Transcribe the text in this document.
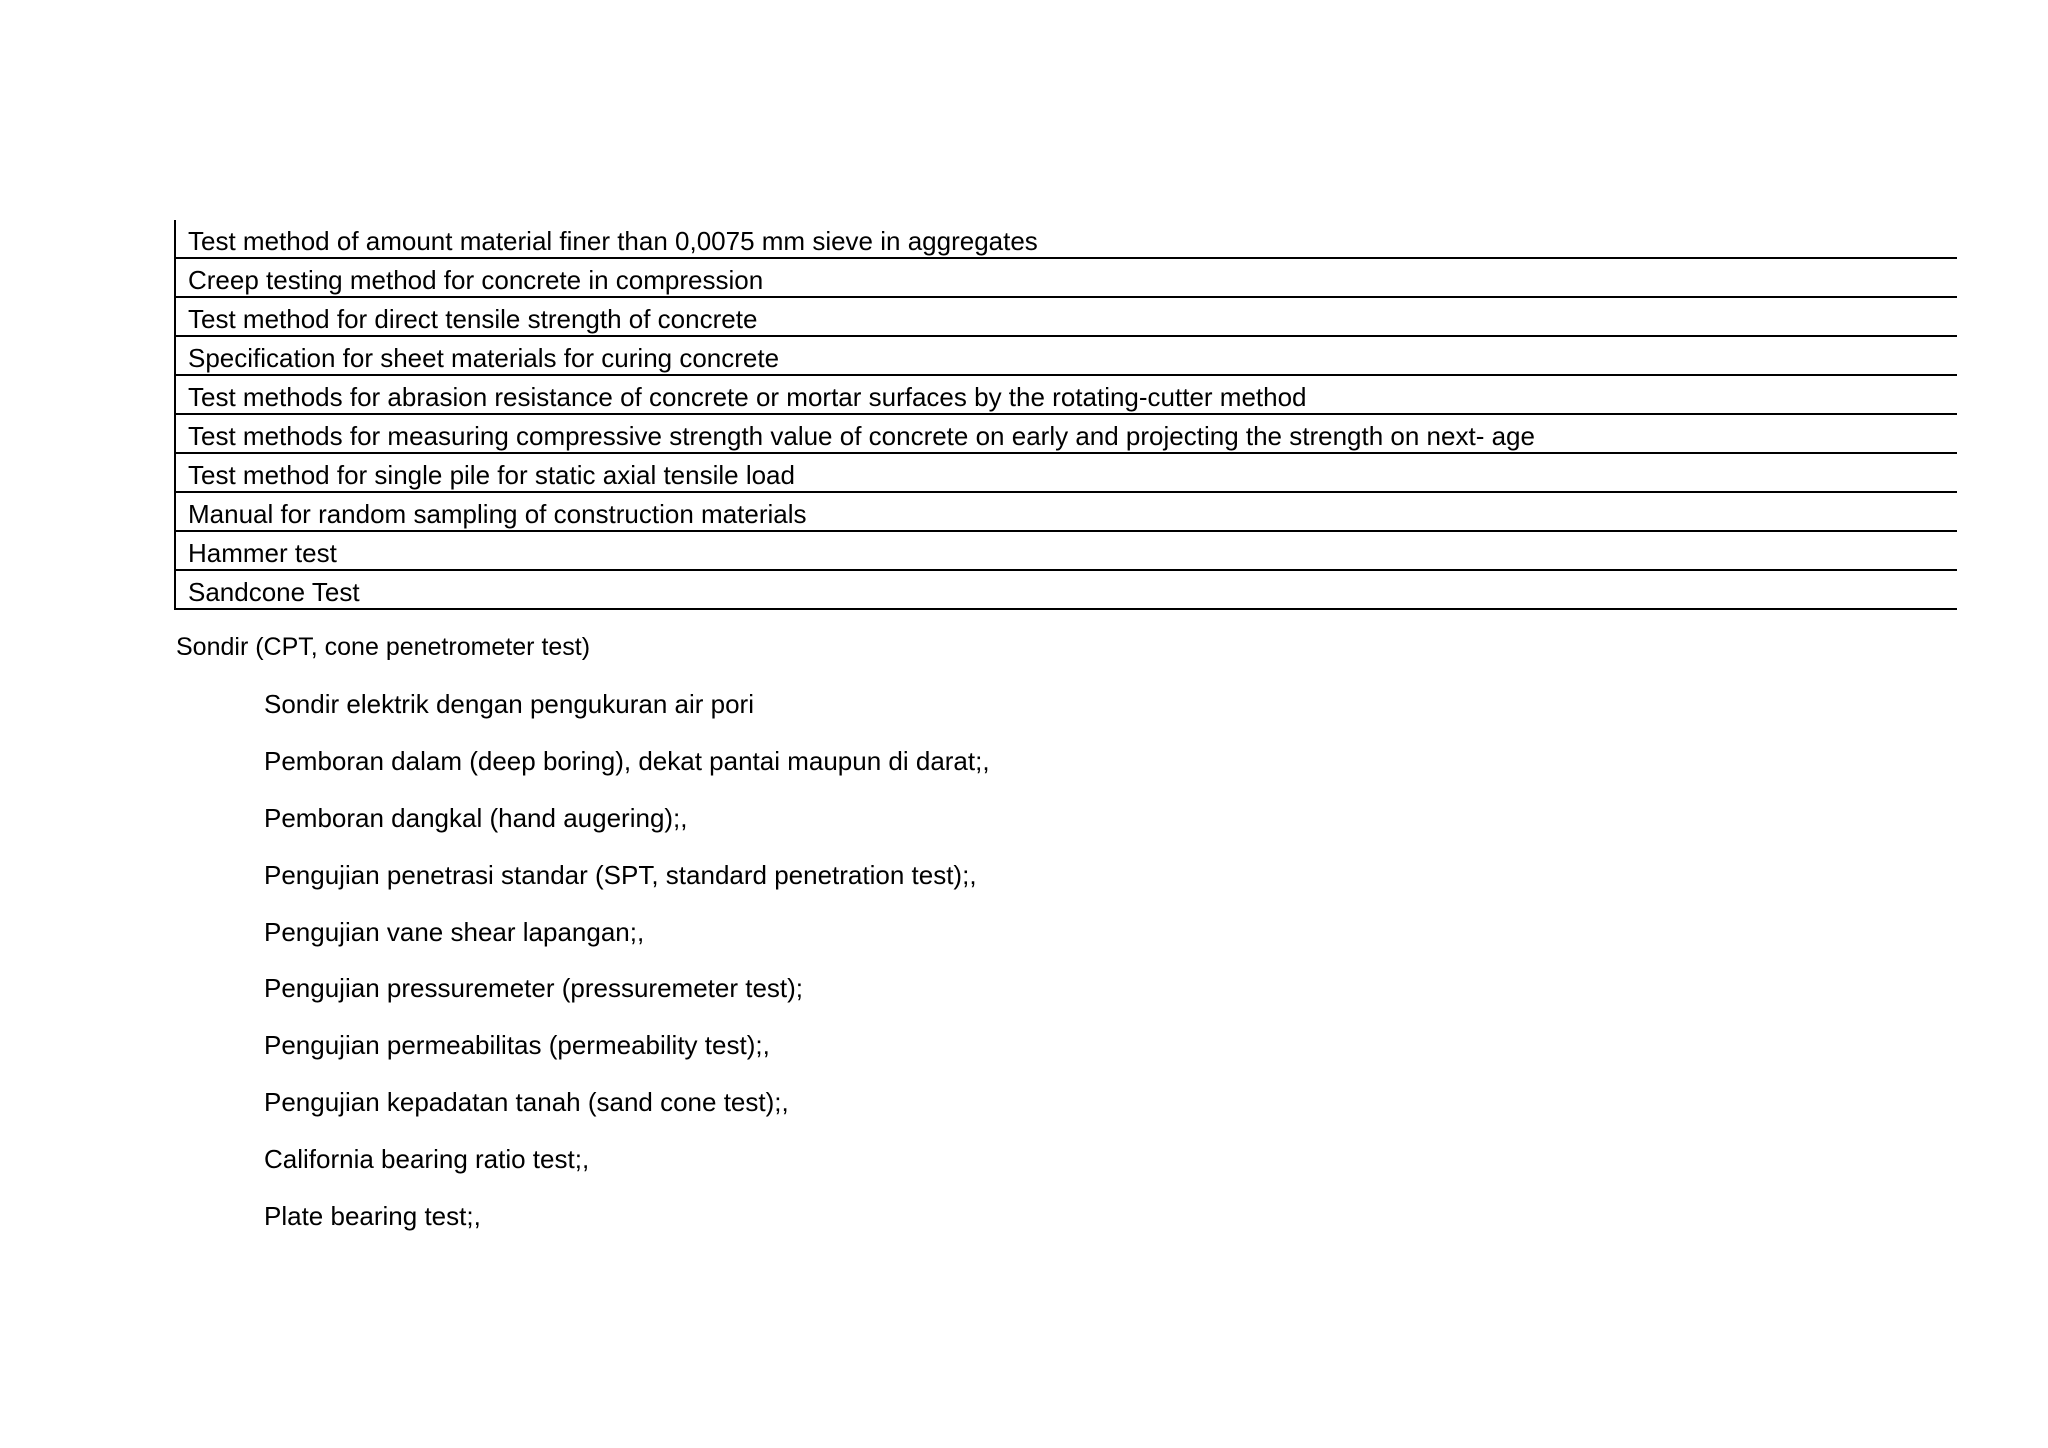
Test method of amount material finer than 0,0075 mm sieve in aggregates
Creep testing method for concrete in compression
Test method for direct tensile strength of concrete
Specification for sheet materials for curing concrete
Test methods for abrasion resistance of concrete or mortar surfaces by the rotating-cutter method
Test methods for measuring compressive strength value of concrete on early and projecting the strength on next- age
Test method for single pile for static axial tensile load
Manual for random sampling of construction materials
Hammer test
Sandcone Test
Sondir (CPT, cone penetrometer test)
Sondir elektrik dengan pengukuran air pori
Pemboran dalam (deep boring), dekat pantai maupun di darat;,
Pemboran dangkal (hand augering);,
Pengujian penetrasi standar (SPT, standard penetration test);,
Pengujian vane shear lapangan;,
Pengujian pressuremeter (pressuremeter test);
Pengujian permeabilitas (permeability test);,
Pengujian kepadatan tanah (sand cone test);,
California bearing ratio test;,
Plate bearing test;,
